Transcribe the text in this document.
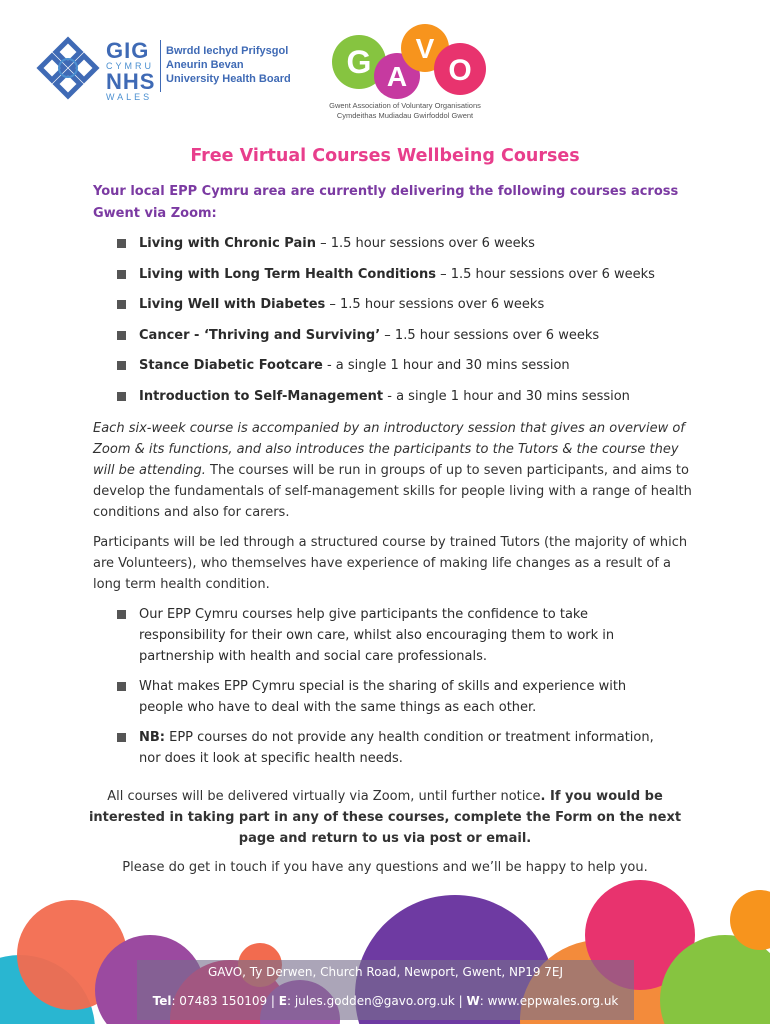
GIG
CYMRU
NHS
WALES
Bwrdd Iechyd Prifysgol
Aneurin Bevan
University Health Board G A
V
O
Gwent Association of Voluntary Organisations
Cymdeithas Mudiadau Gwirfoddol Gwent
Free Virtual Courses Wellbeing Courses
Your local EPP Cymru area are currently delivering the following courses across
Gwent via Zoom:
Living with Chronic Pain – 1.5 hour sessions over 6 weeks
Living with Long Term Health Conditions – 1.5 hour sessions over 6 weeks
Living Well with Diabetes – 1.5 hour sessions over 6 weeks
Cancer - ‘Thriving and Surviving’ – 1.5 hour sessions over 6 weeks
Stance Diabetic Footcare - a single 1 hour and 30 mins session
Introduction to Self-Management - a single 1 hour and 30 mins session
Each six-week course is accompanied by an introductory session that gives an overview of Zoom & its functions, and also introduces the participants to the Tutors & the course they will be attending. The courses will be run in groups of up to seven participants, and aims to develop the fundamentals of self-management skills for people living with a range of health conditions and also for carers.
Participants will be led through a structured course by trained Tutors (the majority of which are Volunteers), who themselves have experience of making life changes as a result of a long term health condition.
Our EPP Cymru courses help give participants the confidence to take responsibility for their own care, whilst also encouraging them to work in partnership with health and social care professionals.
What makes EPP Cymru special is the sharing of skills and experience with people who have to deal with the same things as each other.
NB: EPP courses do not provide any health condition or treatment information, nor does it look at specific health needs.
All courses will be delivered virtually via Zoom, until further notice. If you would be interested in taking part in any of these courses, complete the Form on the next page and return to us via post or email.
Please do get in touch if you have any questions and we’ll be happy to help you.
GAVO, Ty Derwen, Church Road, Newport, Gwent, NP19 7EJ
Tel: 07483 150109 | E: jules.godden@gavo.org.uk | W: www.eppwales.org.uk
